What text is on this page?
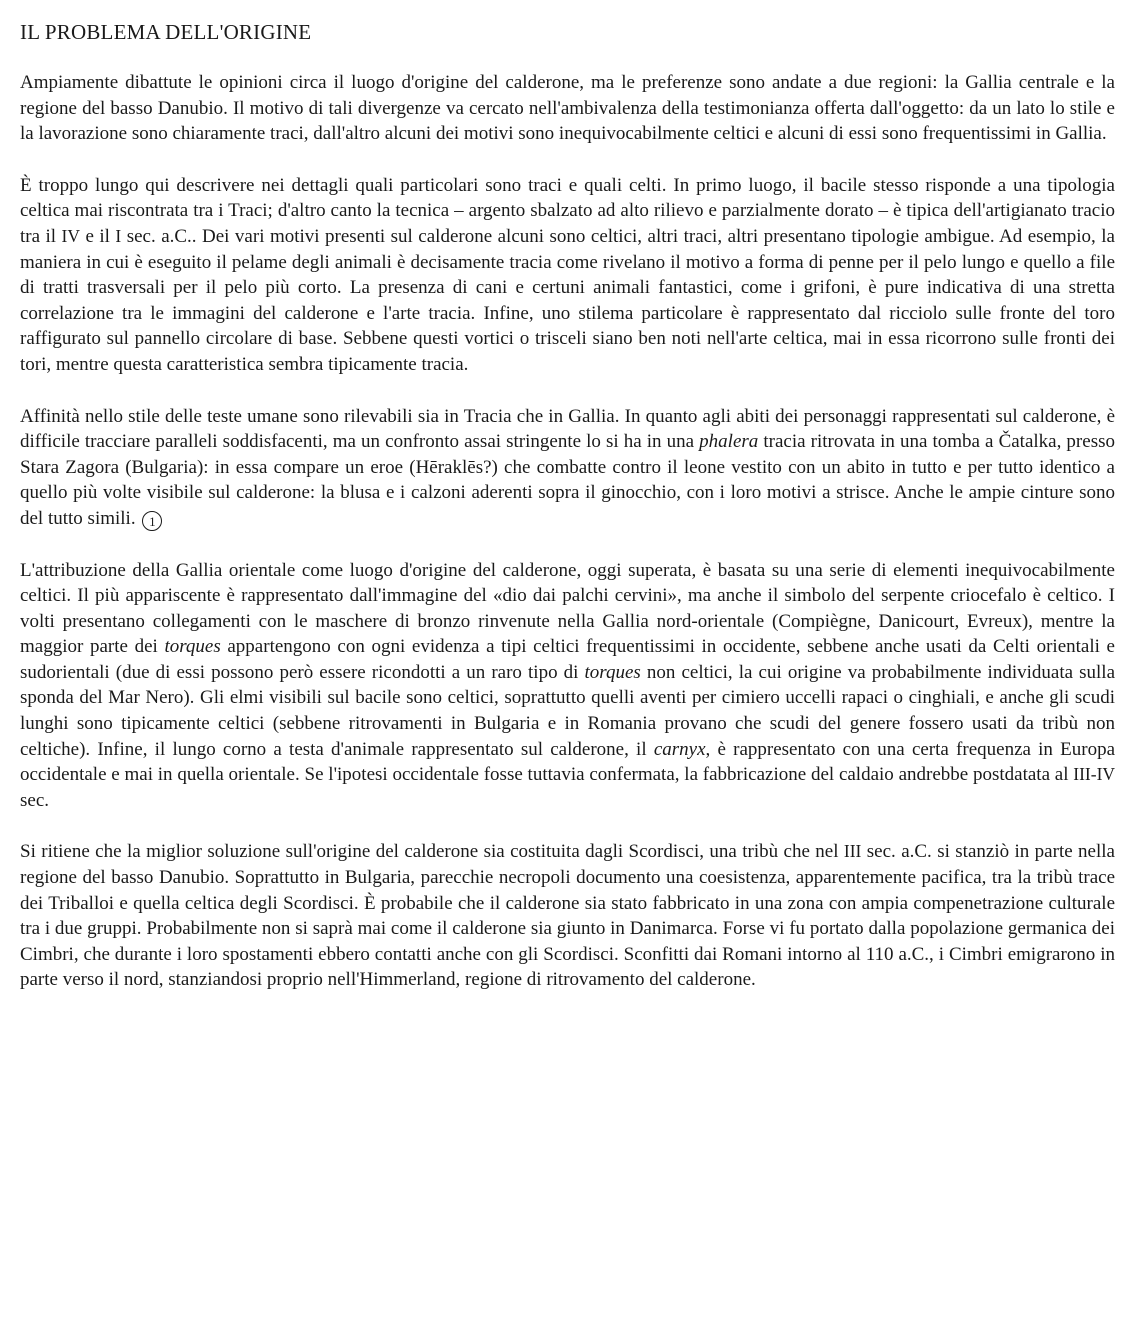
IL PROBLEMA DELL'ORIGINE

Ampiamente dibattute le opinioni circa il luogo d'origine del calderone, ma le preferenze sono andate a due regioni: la Gallia centrale e la regione del basso Danubio. Il motivo di tali divergenze va cercato nell'ambivalenza della testimonianza offerta dall'oggetto: da un lato lo stile e la lavorazione sono chiaramente traci, dall'altro alcuni dei motivi sono inequivocabilmente celtici e alcuni di essi sono frequentissimi in Gallia.

È troppo lungo qui descrivere nei dettagli quali particolari sono traci e quali celti. In primo luogo, il bacile stesso risponde a una tipologia celtica mai riscontrata tra i Traci; d'altro canto la tecnica – argento sbalzato ad alto rilievo e parzialmente dorato – è tipica dell'artigianato tracio tra il IV e il I sec. a.C.. Dei vari motivi presenti sul calderone alcuni sono celtici, altri traci, altri presentano tipologie ambigue. Ad esempio, la maniera in cui è eseguito il pelame degli animali è decisamente tracia come rivelano il motivo a forma di penne per il pelo lungo e quello a file di tratti trasversali per il pelo più corto. La presenza di cani e certuni animali fantastici, come i grifoni, è pure indicativa di una stretta correlazione tra le immagini del calderone e l'arte tracia. Infine, uno stilema particolare è rappresentato dal ricciolo sulle fronte del toro raffigurato sul pannello circolare di base. Sebbene questi vortici o trisceli siano ben noti nell'arte celtica, mai in essa ricorrono sulle fronti dei tori, mentre questa caratteristica sembra tipicamente tracia.

Affinità nello stile delle teste umane sono rilevabili sia in Tracia che in Gallia. In quanto agli abiti dei personaggi rappresentati sul calderone, è difficile tracciare paralleli soddisfacenti, ma un confronto assai stringente lo si ha in una phalera tracia ritrovata in una tomba a Čatalka, presso Stara Zagora (Bulgaria): in essa compare un eroe (Hēraklēs?) che combatte contro il leone vestito con un abito in tutto e per tutto identico a quello più volte visibile sul calderone: la blusa e i calzoni aderenti sopra il ginocchio, con i loro motivi a strisce. Anche le ampie cinture sono del tutto simili. 1

L'attribuzione della Gallia orientale come luogo d'origine del calderone, oggi superata, è basata su una serie di elementi inequivocabilmente celtici. Il più appariscente è rappresentato dall'immagine del «dio dai palchi cervini», ma anche il simbolo del serpente criocefalo è celtico. I volti presentano collegamenti con le maschere di bronzo rinvenute nella Gallia nord-orientale (Compiègne, Danicourt, Evreux), mentre la maggior parte dei torques appartengono con ogni evidenza a tipi celtici frequentissimi in occidente, sebbene anche usati da Celti orientali e sudorientali (due di essi possono però essere ricondotti a un raro tipo di torques non celtici, la cui origine va probabilmente individuata sulla sponda del Mar Nero). Gli elmi visibili sul bacile sono celtici, soprattutto quelli aventi per cimiero uccelli rapaci o cinghiali, e anche gli scudi lunghi sono tipicamente celtici (sebbene ritrovamenti in Bulgaria e in Romania provano che scudi del genere fossero usati da tribù non celtiche). Infine, il lungo corno a testa d'animale rappresentato sul calderone, il carnyx, è rappresentato con una certa frequenza in Europa occidentale e mai in quella orientale. Se l'ipotesi occidentale fosse tuttavia confermata, la fabbricazione del caldaio andrebbe postdatata al III-IV sec.

Si ritiene che la miglior soluzione sull'origine del calderone sia costituita dagli Scordisci, una tribù che nel III sec. a.C. si stanziò in parte nella regione del basso Danubio. Soprattutto in Bulgaria, parecchie necropoli documento una coesistenza, apparentemente pacifica, tra la tribù trace dei Triballoi e quella celtica degli Scordisci. È probabile che il calderone sia stato fabbricato in una zona con ampia compenetrazione culturale tra i due gruppi. Probabilmente non si saprà mai come il calderone sia giunto in Danimarca. Forse vi fu portato dalla popolazione germanica dei Cimbri, che durante i loro spostamenti ebbero contatti anche con gli Scordisci. Sconfitti dai Romani intorno al 110 a.C., i Cimbri emigrarono in parte verso il nord, stanziandosi proprio nell'Himmerland, regione di ritrovamento del calderone.
